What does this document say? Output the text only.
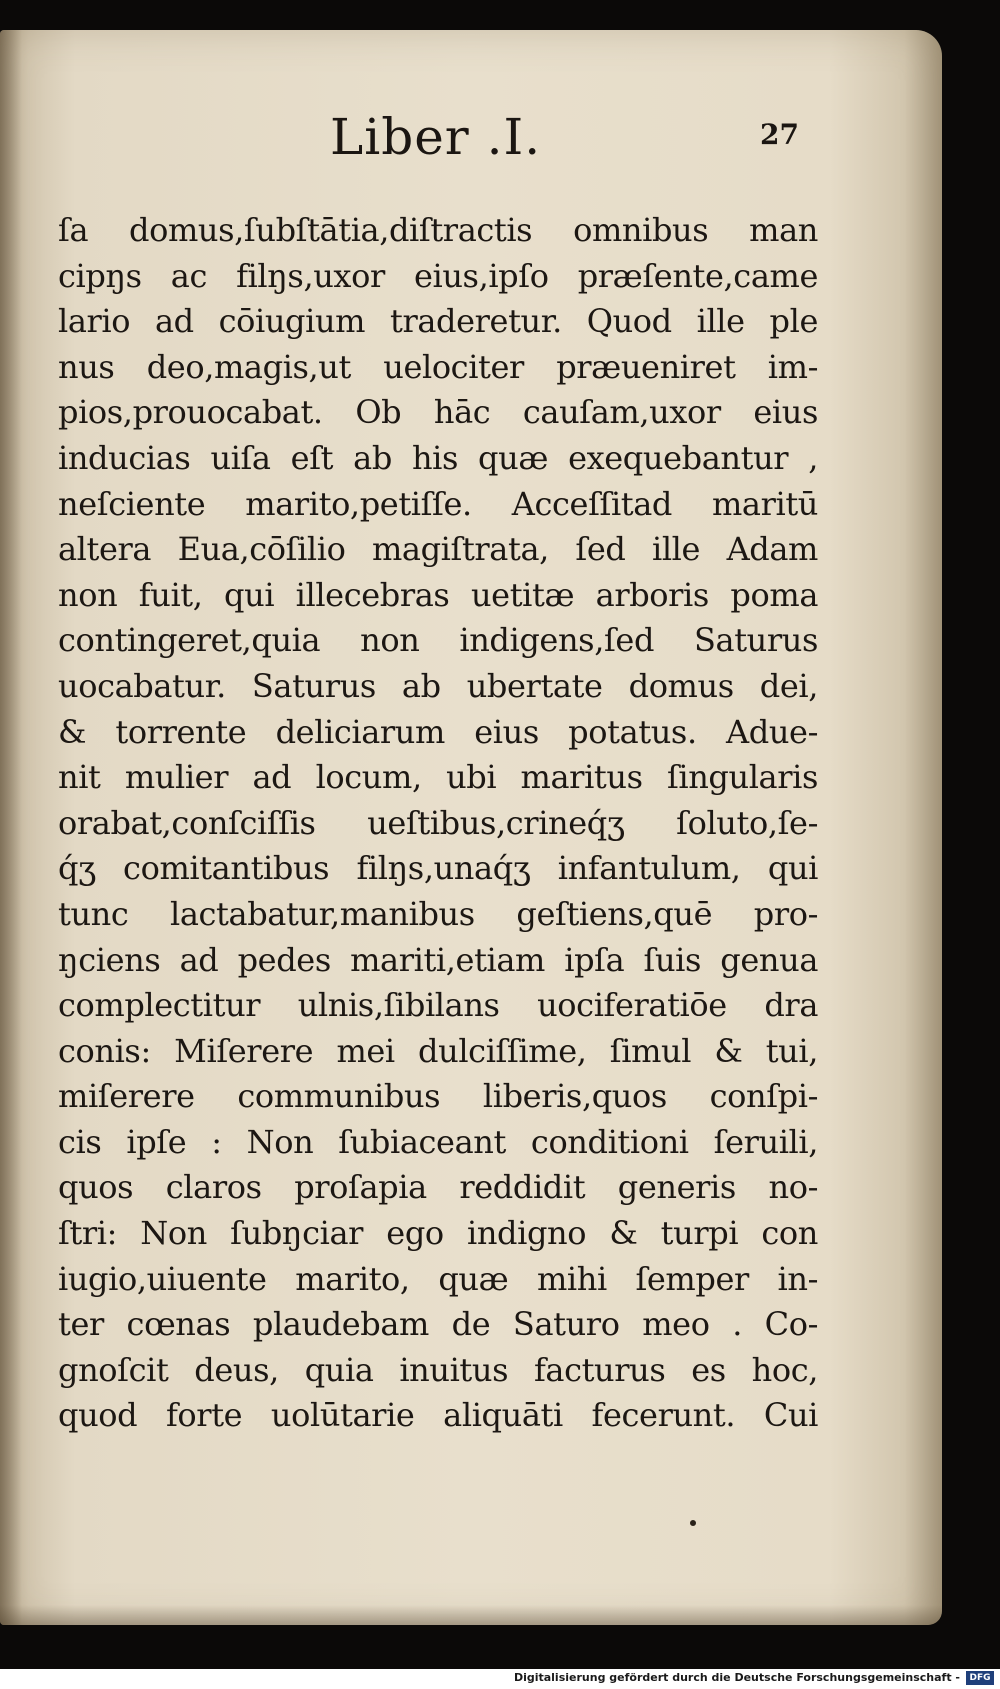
Liber .I.	27
ſa domus,ſubſtātia,diſtractis omnibus man
cipŋs ac filŋs,uxor eius,ipſo præſente,came
lario ad cōiugium traderetur. Quod ille ple
nus deo,magis,ut uelociter præueniret im-
pios,prouocabat. Ob hāc cauſam,uxor eius
inducias uiſa eſt ab his quæ exequebantur ,
neſciente marito,petiſſe. Acceſſitad maritū
altera Eua,cōſilio magiſtrata, ſed ille Adam
non fuit, qui illecebras uetitæ arboris poma
contingeret,quia non indigens,ſed Saturus
uocabatur. Saturus ab ubertate domus dei,
& torrente deliciarum eius potatus. Adue-
nit mulier ad locum, ubi maritus ſingularis
orabat,conſciſſis ueſtibus,crineq́ʒ ſoluto,ſe-
q́ʒ comitantibus filŋs,unaq́ʒ infantulum, qui
tunc lactabatur,manibus geſtiens,quē pro-
ŋciens ad pedes mariti,etiam ipſa ſuis genua
complectitur ulnis,ſibilans uociferatiōe dra
conis: Miſerere mei dulciſſime, ſimul & tui,
miſerere communibus liberis,quos conſpi-
cis ipſe : Non ſubiaceant conditioni ſeruili,
quos claros proſapia reddidit generis no-
ſtri: Non ſubŋciar ego indigno & turpi con
iugio,uiuente marito, quæ mihi ſemper in-
ter cœnas plaudebam de Saturo meo . Co-
gnoſcit deus, quia inuitus facturus es hoc,
quod forte uolūtarie aliquāti fecerunt. Cui
Digitalisierung gefördert durch die Deutsche Forschungsgemeinschaft -	DFG
